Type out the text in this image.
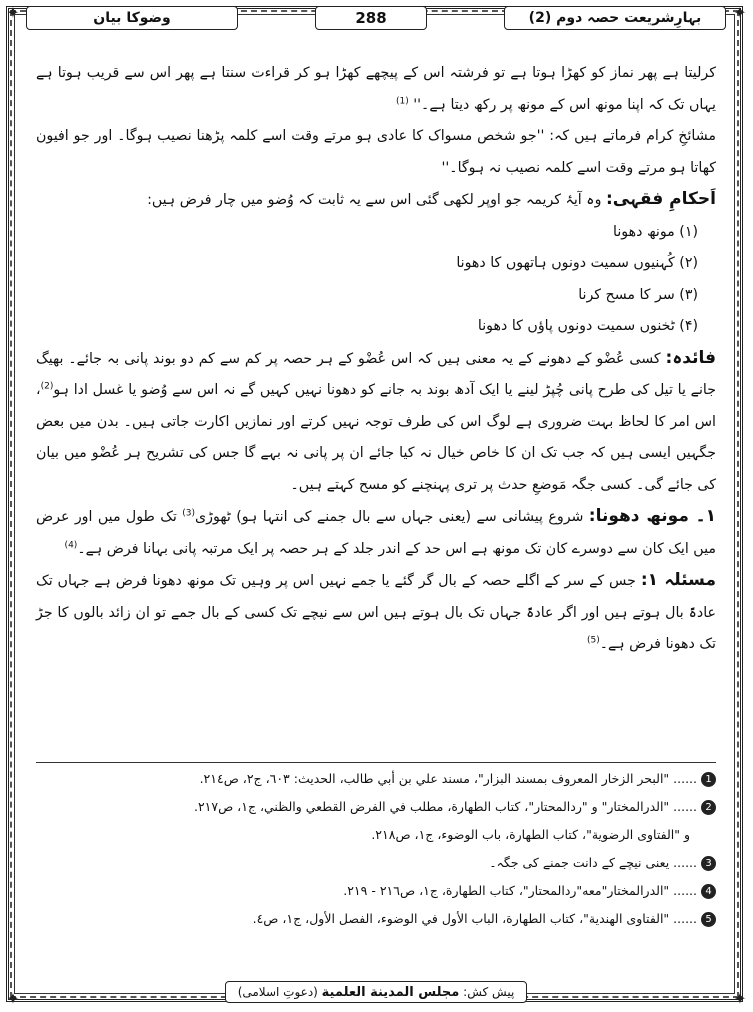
✦	✦
✦	✦
بہارِشریعت حصہ دوم (2)
288
وضوکا بیان

کرلیتا ہے پھر نماز کو کھڑا ہوتا ہے تو فرشتہ اس کے پیچھے کھڑا ہو کر قراءت سنتا ہے پھر اس سے قریب ہوتا ہے یہاں تک کہ اپنا مونھ اس کے مونھ پر رکھ دیتا ہے۔'' $^{(1)}$

مشائخِ کرام فرماتے ہیں کہ: ''جو شخص مسواک کا عادی ہو مرتے وقت اسے کلمہ پڑھنا نصیب ہوگا۔ اور جو افیون کھاتا ہو مرتے وقت اسے کلمہ نصیب نہ ہوگا۔''

اَحکامِ فقہی: وہ آیۂ کریمہ جو اوپر لکھی گئی اس سے یہ ثابت کہ وُضو میں چار فرض ہیں:

(۱) مونھ دھونا

(۲) کُہنیوں سمیت دونوں ہاتھوں کا دھونا

(۳) سر کا مسح کرنا

(۴) ٹخنوں سمیت دونوں پاؤں کا دھونا

فائدہ: کسی عُضْو کے دھونے کے یہ معنی ہیں کہ اس عُضْو کے ہر حصہ پر کم سے کم دو بوند پانی بہ جائے۔ بھیگ جانے یا تیل کی طرح پانی چُپڑ لینے یا ایک آدھ بوند بہ جانے کو دھونا نہیں کہیں گے نہ اس سے وُضو یا غسل ادا ہو$^{(2)}$، اس امر کا لحاظ بہت ضروری ہے لوگ اس کی طرف توجہ نہیں کرتے اور نمازیں اکارت جاتی ہیں۔ بدن میں بعض جگہیں ایسی ہیں کہ جب تک ان کا خاص خیال نہ کیا جائے ان پر پانی نہ بہے گا جس کی تشریح ہر عُضْو میں بیان کی جائے گی۔ کسی جگہ مَوضعِ حدث پر تری پہنچنے کو مسح کہتے ہیں۔

۱۔ مونھ دھونا: شروع پیشانی سے (یعنی جہاں سے بال جمنے کی انتہا ہو) ٹھوڑی$^{(3)}$ تک طول میں اور عرض میں ایک کان سے دوسرے کان تک مونھ ہے اس حد کے اندر جلد کے ہر حصہ پر ایک مرتبہ پانی بہانا فرض ہے۔$^{(4)}$

مسئلہ ۱: جس کے سر کے اگلے حصہ کے بال گر گئے یا جمے نہیں اس پر وہیں تک مونھ دھونا فرض ہے جہاں تک عادۃً بال ہوتے ہیں اور اگر عادۃً جہاں تک بال ہوتے ہیں اس سے نیچے تک کسی کے بال جمے تو ان زائد بالوں کا جڑ تک دھونا فرض ہے۔$^{(5)}$

1
...... "البحر الزخار المعروف بمسند البزار"، مسند علي بن أبي طالب، الحديث: ٦٠٣، ج٢، ص٢١٤.
2
...... "الدرالمختار" و "ردالمحتار"، كتاب الطهارة، مطلب في الفرض القطعي والظني، ج١، ص٢١٧.
و "الفتاوى الرضوية"، كتاب الطهارة، باب الوضوء، ج١، ص٢١٨.
3
...... یعنی نیچے کے دانت جمنے کی جگہ۔
4
...... "الدرالمختار"معه"ردالمحتار"، كتاب الطهارة، ج١، ص٢١٦ - ٢١٩.
5
...... "الفتاوى الهندية"، كتاب الطهارة، الباب الأول في الوضوء، الفصل الأول، ج١، ص٤.
پیش کش: مجلس المدينة العلمية (دعوتِ اسلامی)
